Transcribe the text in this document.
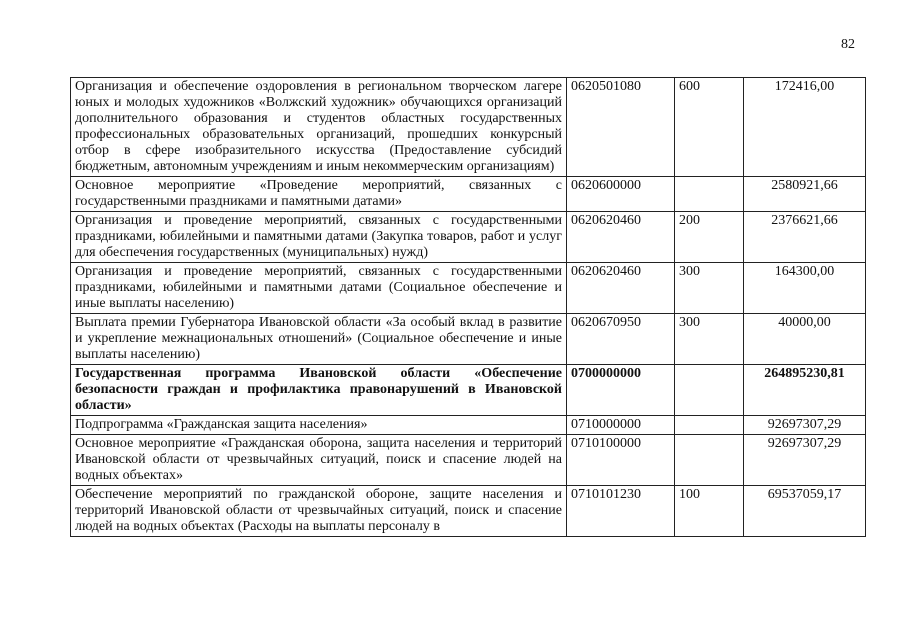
82
Организация и обеспечение оздоровления в региональном творческом лагере юных и молодых художников «Волжский художник» обучающихся организаций дополнительного образования и студентов областных государственных профессиональных образовательных организаций, прошедших конкурсный отбор в сфере изобразительного искусства (Предоставление субсидий бюджетным, автономным учреждениям и иным некоммерческим организациям)	0620501080	600	172416,00
Основное мероприятие «Проведение мероприятий, связанных с государственными праздниками и памятными датами»	0620600000		2580921,66
Организация и проведение мероприятий, связанных с государственными праздниками, юбилейными и памятными датами (Закупка товаров, работ и услуг для обеспечения государственных (муниципальных) нужд)	0620620460	200	2376621,66
Организация и проведение мероприятий, связанных с государственными праздниками, юбилейными и памятными датами (Социальное обеспечение и иные выплаты населению)	0620620460	300	164300,00
Выплата премии Губернатора Ивановской области «За особый вклад в развитие и укрепление межнациональных отношений» (Социальное обеспечение и иные выплаты населению)	0620670950	300	40000,00
Государственная программа Ивановской области «Обеспечение безопасности граждан и профилактика правонарушений в Ивановской области»	0700000000		264895230,81
Подпрограмма «Гражданская защита населения»	0710000000		92697307,29
Основное мероприятие «Гражданская оборона, защита населения и территорий Ивановской области от чрезвычайных ситуаций, поиск и спасение людей на водных объектах»	0710100000		92697307,29
Обеспечение мероприятий по гражданской обороне, защите населения и территорий Ивановской области от чрезвычайных ситуаций, поиск и спасение людей на водных объектах (Расходы на выплаты персоналу в	0710101230	100	69537059,17
